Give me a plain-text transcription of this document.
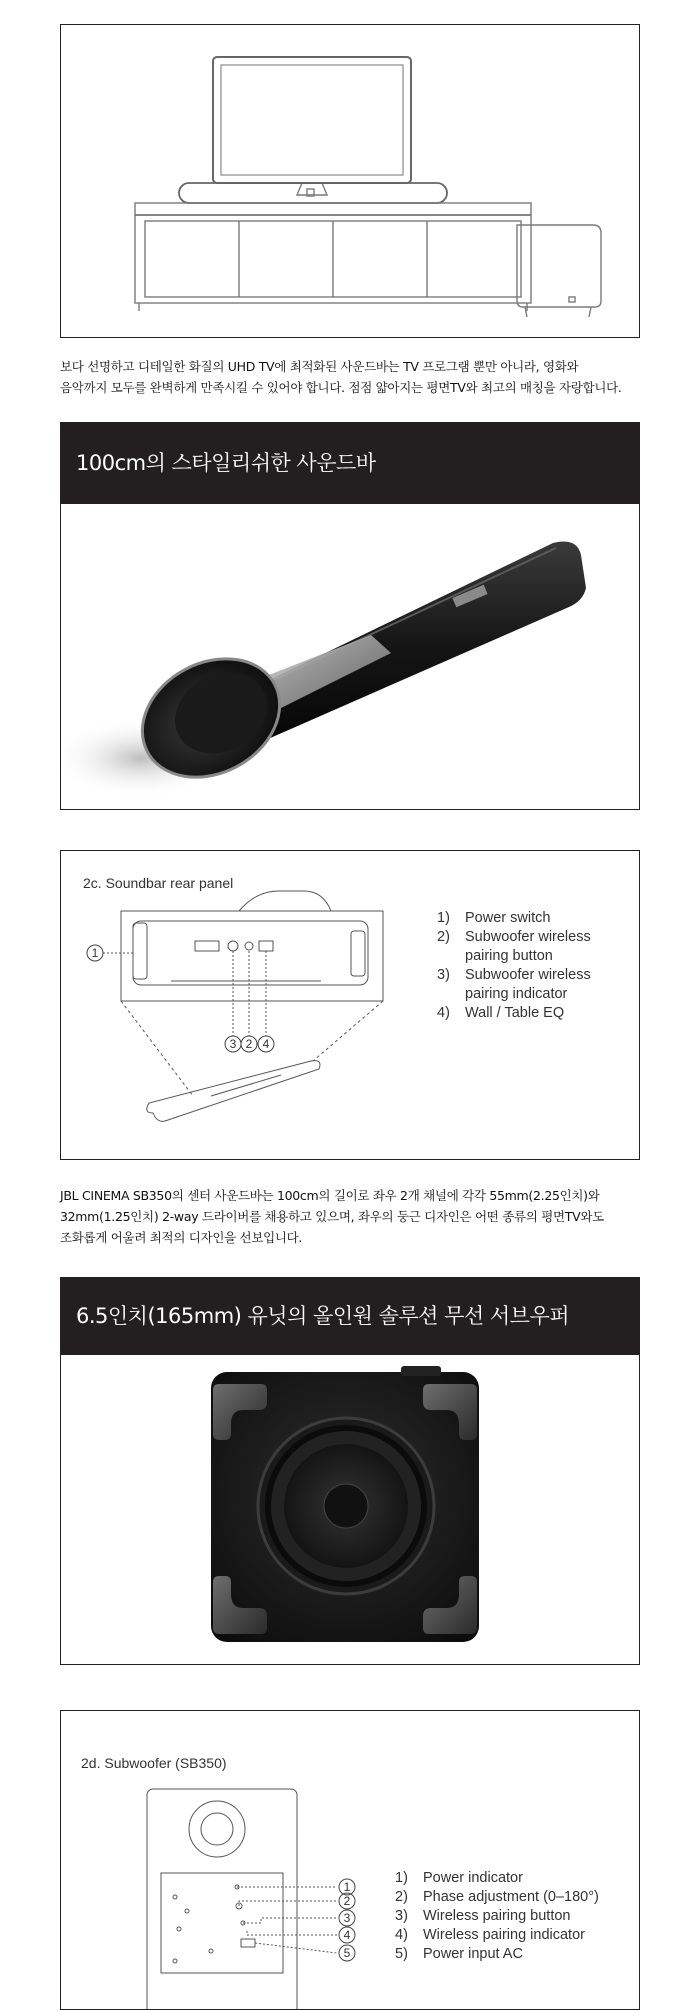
보다 선명하고 디테일한 화질의 UHD TV에 최적화된 사운드바는 TV 프로그램 뿐만 아니라, 영화와
음악까지 모두를 완벽하게 만족시킬 수 있어야 합니다. 점점 얇아지는 평면TV와 최고의 매칭을 자랑합니다.
100cm의 스타일리쉬한 사운드바
2c. Soundbar rear panel
1
3 2 4
1)	Power switch
2)	Subwoofer wireless pairing button
3)	Subwoofer wireless pairing indicator
4)	Wall / Table EQ
JBL CINEMA SB350의 센터 사운드바는 100cm의 길이로 좌우 2개 채널에 각각 55mm(2.25인치)와
32mm(1.25인치) 2-way 드라이버를 채용하고 있으며, 좌우의 둥근 디자인은 어떤 종류의 평면TV와도
조화롭게 어울려 최적의 디자인을 선보입니다.
6.5인치(165mm) 유닛의 올인원 솔루션 무선 서브우퍼
2d. Subwoofer (SB350)
1
2
3
4
5
1)	Power indicator
2)	Phase adjustment (0–180°)
3)	Wireless pairing button
4)	Wireless pairing indicator
5)	Power input AC
